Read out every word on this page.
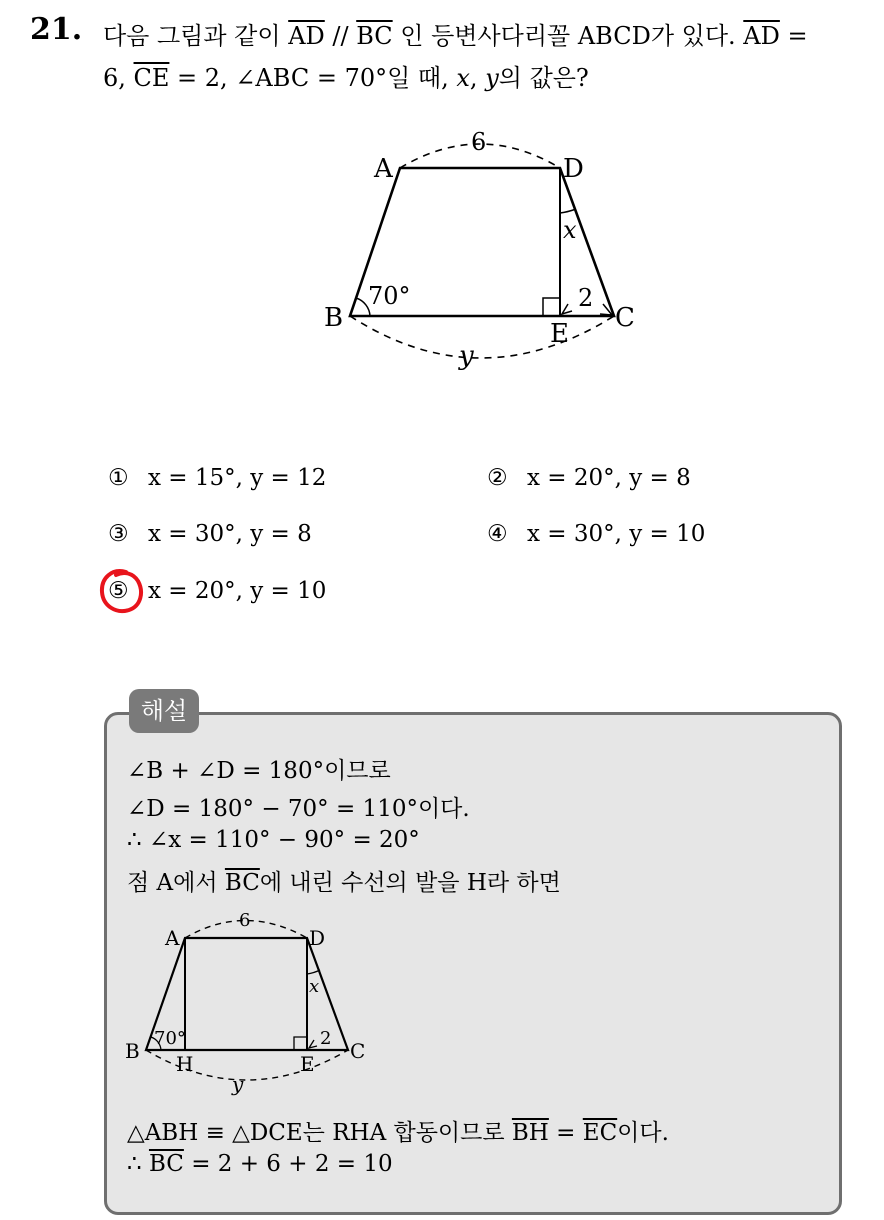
21. 다음 그림과 같이 $\overline{AD} // \overline{BC}$ 인 등변사다리꼴 ABCD가 있다. $\overline{AD}$ =
6, $\overline{CE} = 2$, ∠ABC = 70°일 때, x, y의 값은?
A	D
B	C
E
6
70°
x
2
y
① x = 15°, y = 12	② x = 20°, y = 8
③ x = 30°, y = 8	④ x = 30°, y = 10
⑤ x = 20°, y = 10
해설
∠B + ∠D = 180°이므로
∠D = 180° − 70° = 110°이다.
∴ ∠x = 110° − 90° = 20°
점 A에서 $\overline{BC}$에 내린 수선의 발을 H라 하면
A	D
B	C
H	E
6
70°
x
2
y
△ABH ≡ △DCE는 RHA 합동이므로 $\overline{BH} = \overline{EC}$이다.
∴ $\overline{BC} = 2 + 6 + 2 = 10$
